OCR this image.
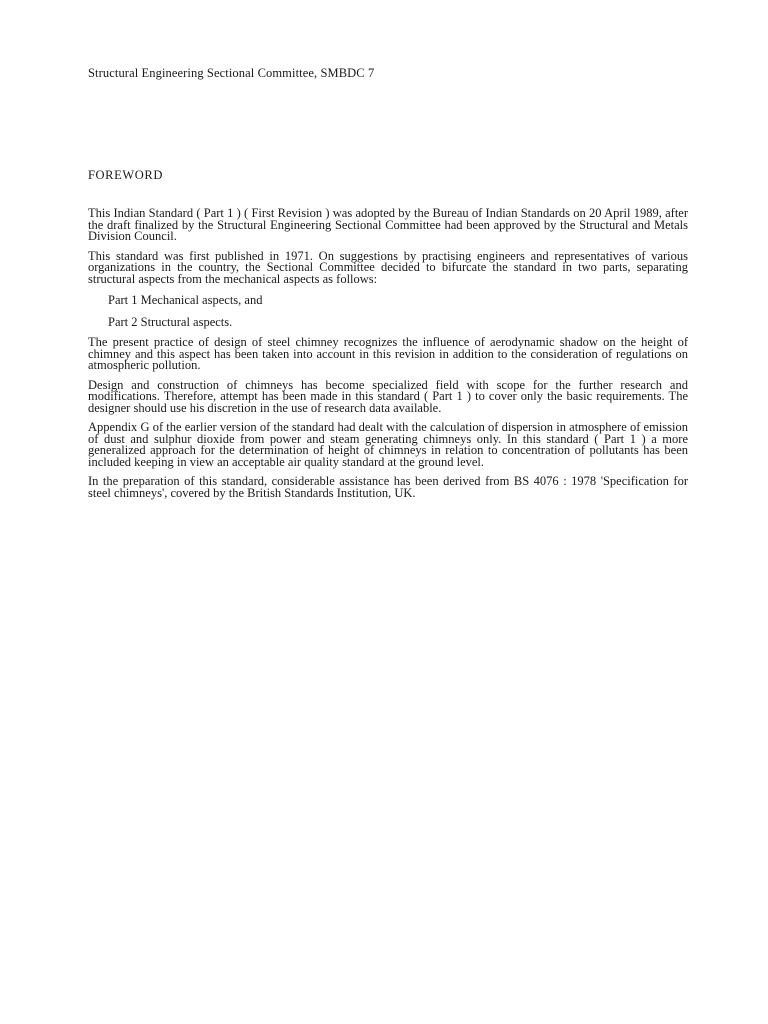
Structural Engineering Sectional Committee, SMBDC 7
FOREWORD

This Indian Standard ( Part 1 ) ( First Revision ) was adopted by the Bureau of Indian Standards on 20 April 1989, after the draft finalized by the Structural Engineering Sectional Committee had been approved by the Structural and Metals Division Council.

This standard was first published in 1971. On suggestions by practising engineers and representatives of various organizations in the country, the Sectional Committee decided to bifurcate the standard in two parts, separating structural aspects from the mechanical aspects as follows:

Part 1 Mechanical aspects, and
Part 2 Structural aspects.

The present practice of design of steel chimney recognizes the influence of aerodynamic shadow on the height of chimney and this aspect has been taken into account in this revision in addition to the consideration of regulations on atmospheric pollution.

Design and construction of chimneys has become specialized field with scope for the further research and modifications. Therefore, attempt has been made in this standard ( Part 1 ) to cover only the basic requirements. The designer should use his discretion in the use of research data available.

Appendix G of the earlier version of the standard had dealt with the calculation of dispersion in atmosphere of emission of dust and sulphur dioxide from power and steam generating chimneys only. In this standard ( Part 1 ) a more generalized approach for the determination of height of chimneys in relation to concentration of pollutants has been included keeping in view an acceptable air quality standard at the ground level.

In the preparation of this standard, considerable assistance has been derived from BS 4076 : 1978 'Specification for steel chimneys', covered by the British Standards Institution, UK.
